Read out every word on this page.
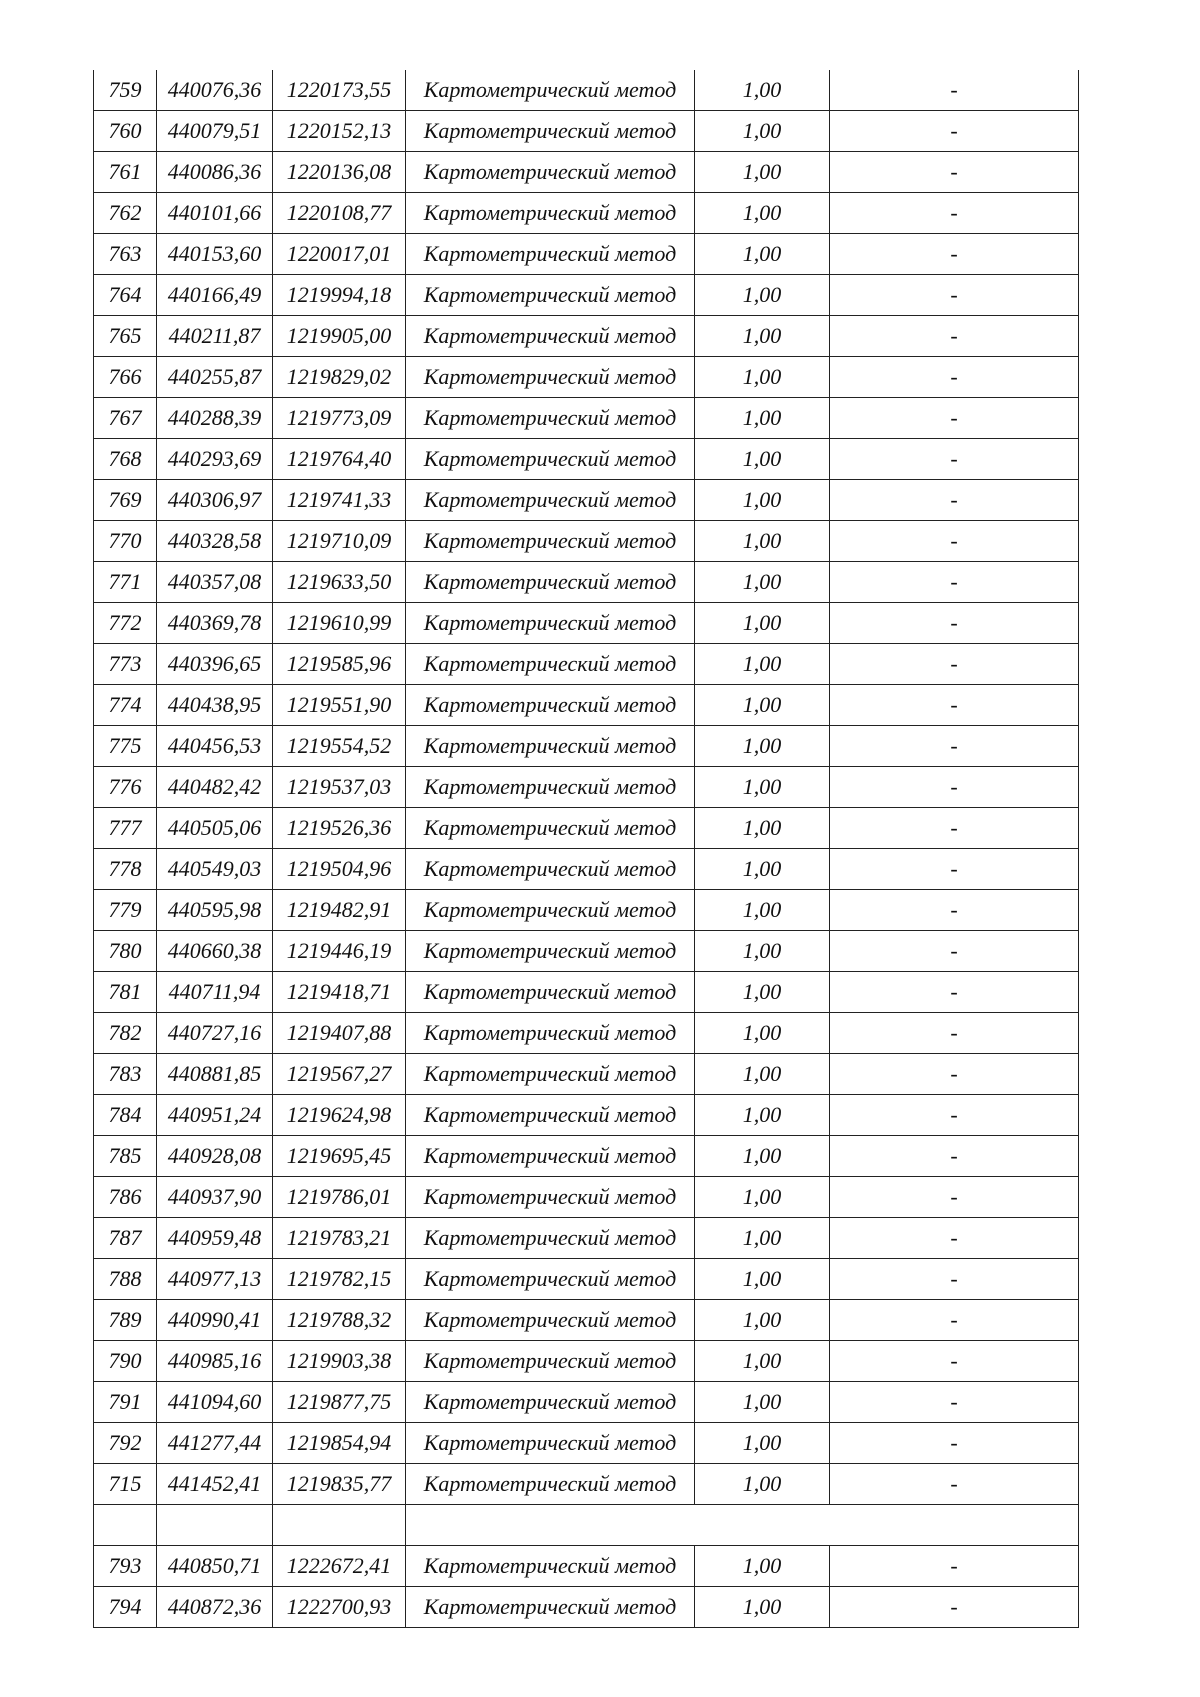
759	440076,36	1220173,55	Картометрический метод	1,00	-
760	440079,51	1220152,13	Картометрический метод	1,00	-
761	440086,36	1220136,08	Картометрический метод	1,00	-
762	440101,66	1220108,77	Картометрический метод	1,00	-
763	440153,60	1220017,01	Картометрический метод	1,00	-
764	440166,49	1219994,18	Картометрический метод	1,00	-
765	440211,87	1219905,00	Картометрический метод	1,00	-
766	440255,87	1219829,02	Картометрический метод	1,00	-
767	440288,39	1219773,09	Картометрический метод	1,00	-
768	440293,69	1219764,40	Картометрический метод	1,00	-
769	440306,97	1219741,33	Картометрический метод	1,00	-
770	440328,58	1219710,09	Картометрический метод	1,00	-
771	440357,08	1219633,50	Картометрический метод	1,00	-
772	440369,78	1219610,99	Картометрический метод	1,00	-
773	440396,65	1219585,96	Картометрический метод	1,00	-
774	440438,95	1219551,90	Картометрический метод	1,00	-
775	440456,53	1219554,52	Картометрический метод	1,00	-
776	440482,42	1219537,03	Картометрический метод	1,00	-
777	440505,06	1219526,36	Картометрический метод	1,00	-
778	440549,03	1219504,96	Картометрический метод	1,00	-
779	440595,98	1219482,91	Картометрический метод	1,00	-
780	440660,38	1219446,19	Картометрический метод	1,00	-
781	440711,94	1219418,71	Картометрический метод	1,00	-
782	440727,16	1219407,88	Картометрический метод	1,00	-
783	440881,85	1219567,27	Картометрический метод	1,00	-
784	440951,24	1219624,98	Картометрический метод	1,00	-
785	440928,08	1219695,45	Картометрический метод	1,00	-
786	440937,90	1219786,01	Картометрический метод	1,00	-
787	440959,48	1219783,21	Картометрический метод	1,00	-
788	440977,13	1219782,15	Картометрический метод	1,00	-
789	440990,41	1219788,32	Картометрический метод	1,00	-
790	440985,16	1219903,38	Картометрический метод	1,00	-
791	441094,60	1219877,75	Картометрический метод	1,00	-
792	441277,44	1219854,94	Картометрический метод	1,00	-
715	441452,41	1219835,77	Картометрический метод	1,00	-

793	440850,71	1222672,41	Картометрический метод	1,00	-
794	440872,36	1222700,93	Картометрический метод	1,00	-
